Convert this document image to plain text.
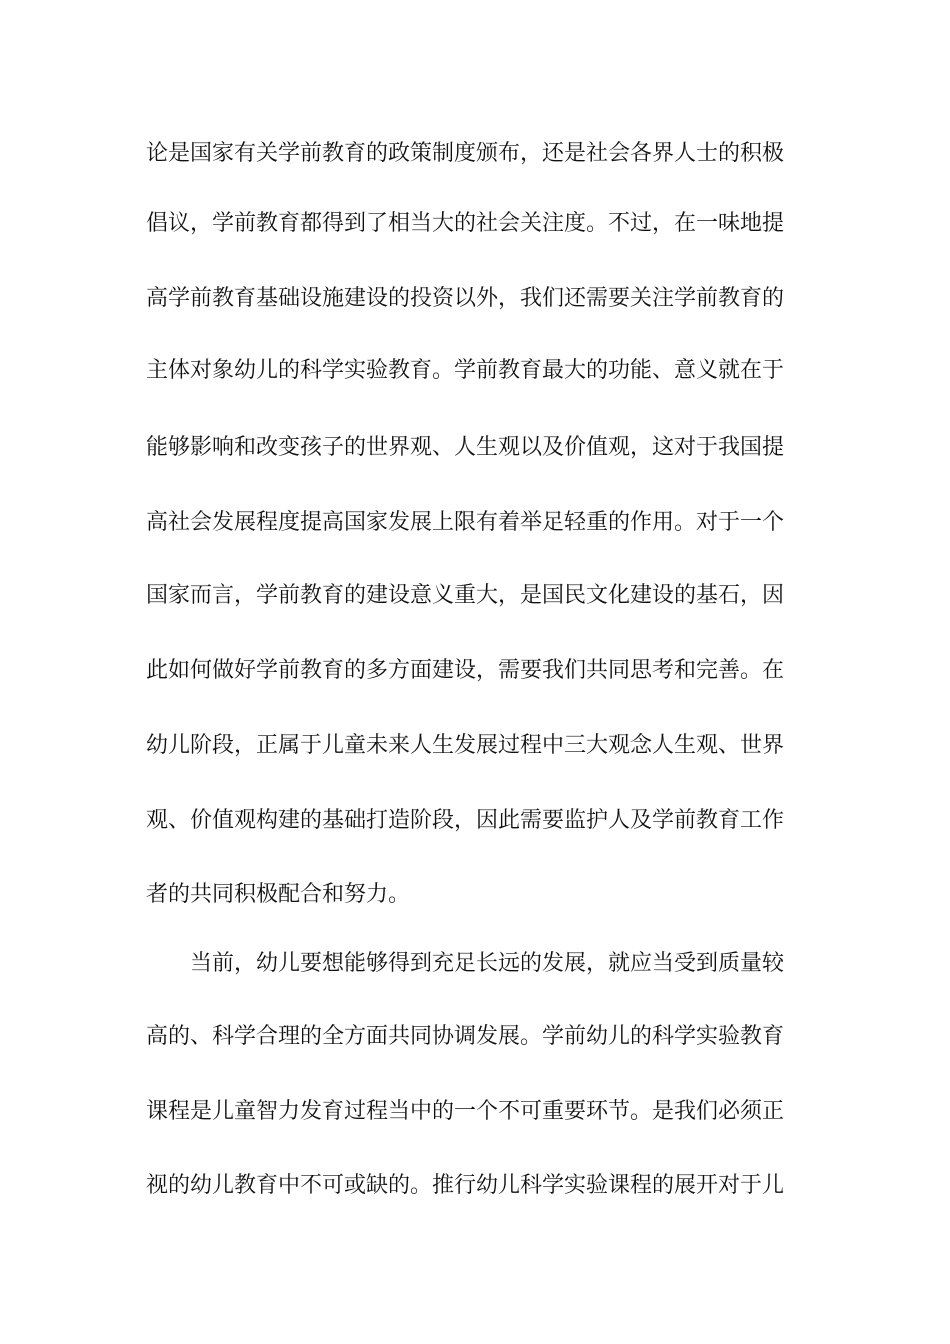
论是国家有关学前教育的政策制度颁布，还是社会各界人士的积极
倡议，学前教育都得到了相当大的社会关注度。不过，在一味地提
高学前教育基础设施建设的投资以外，我们还需要关注学前教育的
主体对象幼儿的科学实验教育。学前教育最大的功能、意义就在于
能够影响和改变孩子的世界观、人生观以及价值观，这对于我国提
高社会发展程度提高国家发展上限有着举足轻重的作用。对于一个
国家而言，学前教育的建设意义重大，是国民文化建设的基石，因
此如何做好学前教育的多方面建设，需要我们共同思考和完善。在
幼儿阶段，正属于儿童未来人生发展过程中三大观念人生观、世界
观、价值观构建的基础打造阶段，因此需要监护人及学前教育工作
者的共同积极配合和努力。
当前，幼儿要想能够得到充足长远的发展，就应当受到质量较
高的、科学合理的全方面共同协调发展。学前幼儿的科学实验教育
课程是儿童智力发育过程当中的一个不可重要环节。是我们必须正
视的幼儿教育中不可或缺的。推行幼儿科学实验课程的展开对于儿
